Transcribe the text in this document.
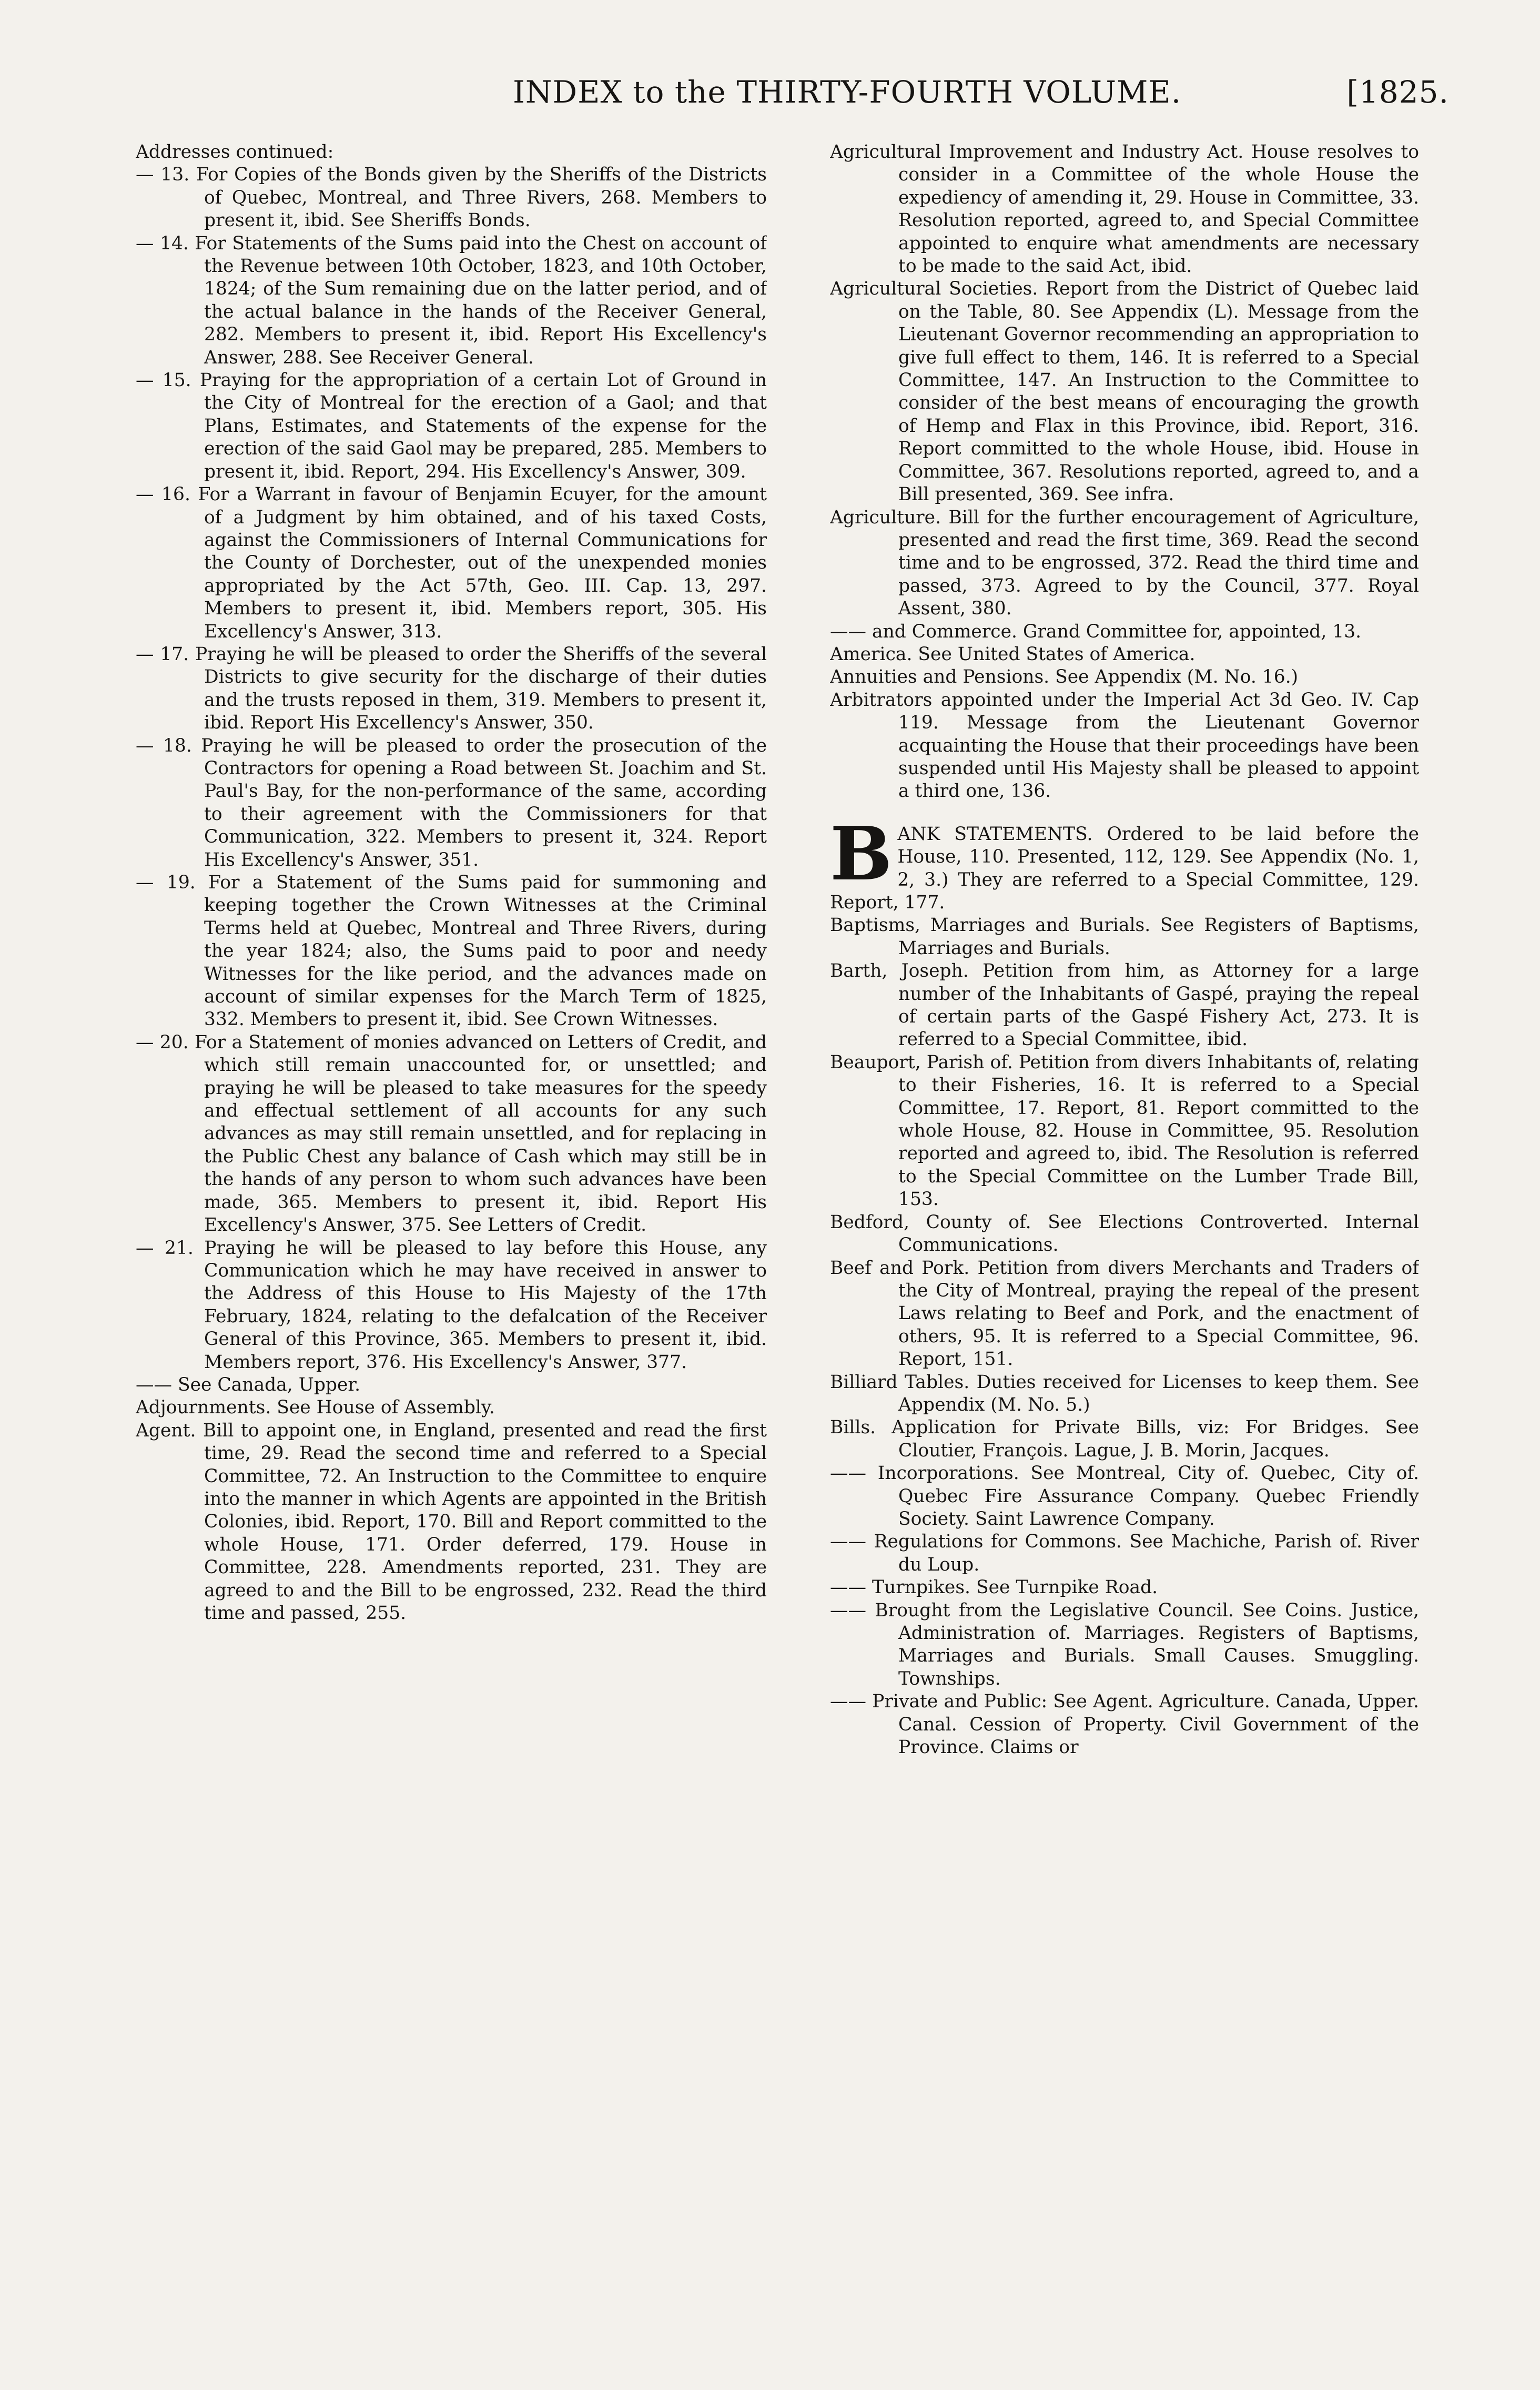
INDEX to the THIRTY-FOURTH VOLUME.	[1825.

Addresses continued:

— 13. For Copies of the Bonds given by the Sheriffs of the Districts of Quebec, Montreal, and Three Rivers, 268. Members to present it, ibid. See Sheriffs Bonds.

— 14. For Statements of the Sums paid into the Chest on account of the Revenue between 10th October, 1823, and 10th October, 1824; of the Sum remaining due on the latter period, and of the actual balance in the hands of the Receiver General, 282. Members to present it, ibid. Report His Excellency's Answer, 288. See Receiver General.

— 15. Praying for the appropriation of a certain Lot of Ground in the City of Montreal for the erection of a Gaol; and that Plans, Estimates, and Statements of the expense for the erection of the said Gaol may be prepared, 285. Members to present it, ibid. Report, 294. His Excellency's Answer, 309.

— 16. For a Warrant in favour of Benjamin Ecuyer, for the amount of a Judgment by him obtained, and of his taxed Costs, against the Commissioners of Internal Communications for the County of Dorchester, out of the unexpended monies appropriated by the Act 57th, Geo. III. Cap. 13, 297. Members to present it, ibid. Members report, 305. His Excellency's Answer, 313.

— 17. Praying he will be pleased to order the Sheriffs of the several Districts to give security for the discharge of their duties and the trusts reposed in them, 319. Members to present it, ibid. Report His Excellency's Answer, 350.

— 18. Praying he will be pleased to order the prosecution of the Contractors for opening a Road between St. Joachim and St. Paul's Bay, for the non-performance of the same, according to their agreement with the Commissioners for that Communication, 322. Members to present it, 324. Report His Excellency's Answer, 351.

— 19. For a Statement of the Sums paid for summoning and keeping together the Crown Witnesses at the Criminal Terms held at Quebec, Montreal and Three Rivers, during the year 1824; also, the Sums paid to poor and needy Witnesses for the like period, and the advances made on account of similar expenses for the March Term of 1825, 332. Members to present it, ibid. See Crown Witnesses.

— 20. For a Statement of monies advanced on Letters of Credit, and which still remain unaccounted for, or unsettled; and praying he will be pleased to take measures for the speedy and effectual settlement of all accounts for any such advances as may still remain unsettled, and for replacing in the Public Chest any balance of Cash which may still be in the hands of any person to whom such advances have been made, 365. Members to present it, ibid. Report His Excellency's Answer, 375. See Letters of Credit.

— 21. Praying he will be pleased to lay before this House, any Communication which he may have received in answer to the Address of this House to His Majesty of the 17th February, 1824, relating to the defalcation of the Receiver General of this Province, 365. Members to present it, ibid. Members report, 376. His Excellency's Answer, 377.

—— See Canada, Upper.

Adjournments. See House of Assembly.

Agent. Bill to appoint one, in England, presented and read the first time, 29. Read the second time and referred to a Special Committee, 72. An Instruction to the Committee to enquire into the manner in which Agents are appointed in the British Colonies, ibid. Report, 170. Bill and Report committed to the whole House, 171. Order deferred, 179. House in Committee, 228. Amendments reported, 231. They are agreed to and the Bill to be engrossed, 232. Read the third time and passed, 255.

Agricultural Improvement and Industry Act. House resolves to consider in a Committee of the whole House the expediency of amending it, 29. House in Committee, 33. Resolution reported, agreed to, and Special Committee appointed to enquire what amendments are necessary to be made to the said Act, ibid.

Agricultural Societies. Report from the District of Quebec laid on the Table, 80. See Appendix (L). Message from the Lieutenant Governor recommending an appropriation to give full effect to them, 146. It is referred to a Special Committee, 147. An Instruction to the Committee to consider of the best means of encouraging the growth of Hemp and Flax in this Province, ibid. Report, 316. Report committed to the whole House, ibid. House in Committee, 367. Resolutions reported, agreed to, and a Bill presented, 369. See infra.

Agriculture. Bill for the further encouragement of Agriculture, presented and read the first time, 369. Read the second time and to be engrossed, 372. Read the third time and passed, 373. Agreed to by the Council, 377. Royal Assent, 380.

—— and Commerce. Grand Committee for, appointed, 13.

America. See United States of America.

Annuities and Pensions. See Appendix (M. No. 16.)

Arbitrators appointed under the Imperial Act 3d Geo. IV. Cap 119. Message from the Lieutenant Governor acquainting the House that their proceedings have been suspended until His Majesty shall be pleased to appoint a third one, 136.

BANK STATEMENTS. Ordered to be laid before the House, 110. Presented, 112, 129. See Appendix (No. 1, 2, 3.) They are referred to a Special Committee, 129. Report, 177.

Baptisms, Marriages and Burials. See Registers of Baptisms, Marriages and Burials.

Barth, Joseph. Petition from him, as Attorney for a large number of the Inhabitants of Gaspé, praying the repeal of certain parts of the Gaspé Fishery Act, 273. It is referred to a Special Committee, ibid.

Beauport, Parish of. Petition from divers Inhabitants of, relating to their Fisheries, 16. It is referred to a Special Committee, 17. Report, 81. Report committed to the whole House, 82. House in Committee, 95. Resolution reported and agreed to, ibid. The Resolution is referred to the Special Committee on the Lumber Trade Bill, 153.

Bedford, County of. See Elections Controverted. Internal Communications.

Beef and Pork. Petition from divers Merchants and Traders of the City of Montreal, praying the repeal of the present Laws relating to Beef and Pork, and the enactment of others, 95. It is referred to a Special Committee, 96. Report, 151.

Billiard Tables. Duties received for Licenses to keep them. See Appendix (M. No. 5.)

Bills. Application for Private Bills, viz: For Bridges. See Cloutier, François. Lague, J. B. Morin, Jacques.

—— Incorporations. See Montreal, City of. Quebec, City of. Quebec Fire Assurance Company. Quebec Friendly Society. Saint Lawrence Company.

—— Regulations for Commons. See Machiche, Parish of. River du Loup.

—— Turnpikes. See Turnpike Road.

—— Brought from the Legislative Council. See Coins. Justice, Administration of. Marriages. Registers of Baptisms, Marriages and Burials. Small Causes. Smuggling. Townships.

—— Private and Public: See Agent. Agriculture. Canada, Upper. Canal. Cession of Property. Civil Government of the Province. Claims or
